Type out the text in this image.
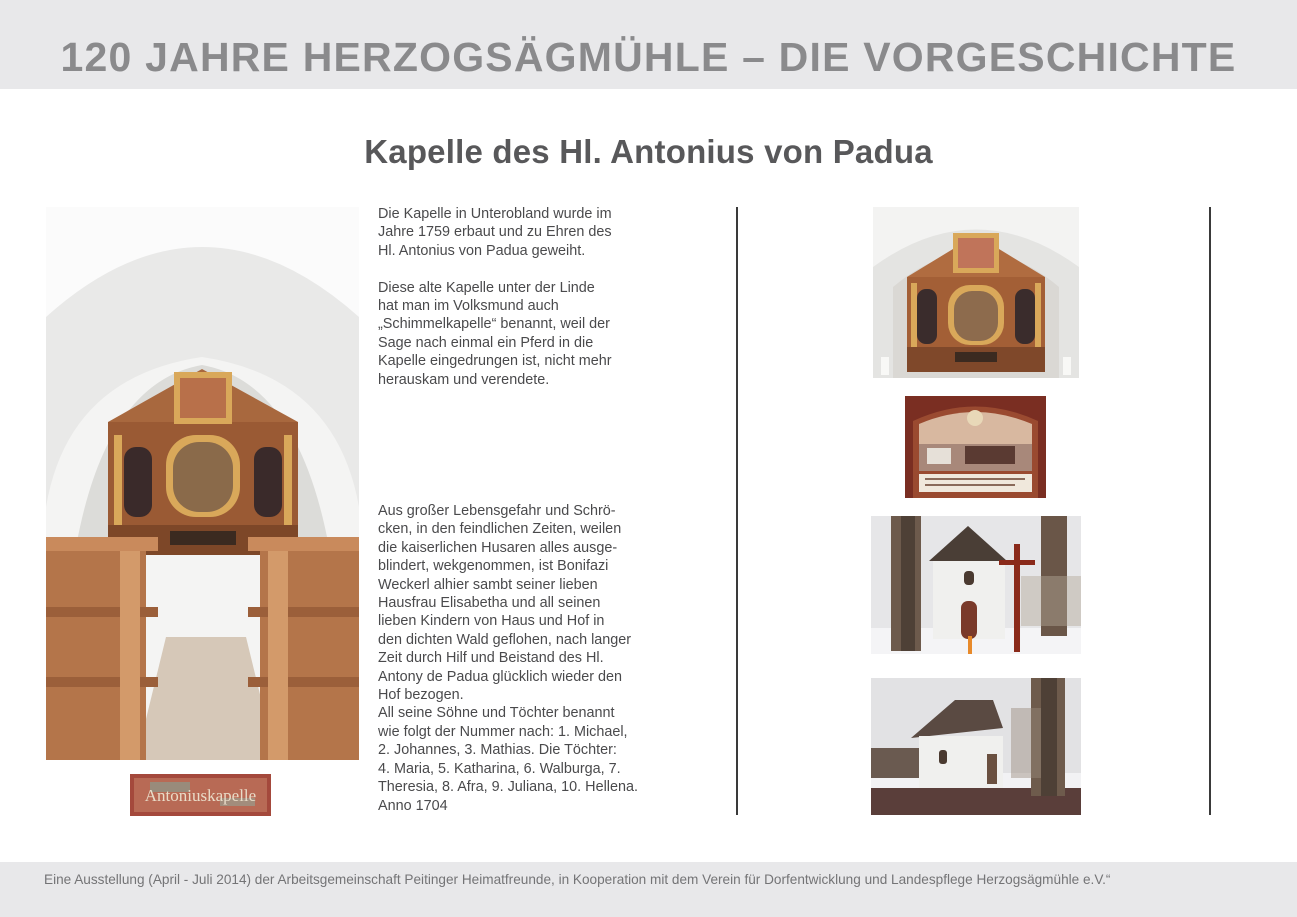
120 JAHRE HERZOGSÄGMÜHLE – DIE VORGESCHICHTE
Kapelle des Hl. Antonius von Padua
Antoniuskapelle
Die Kapelle in Unterobland wurde im
Jahre 1759 erbaut und zu Ehren des
Hl. Antonius von Padua geweiht.

Diese alte Kapelle unter der Linde
hat man im Volksmund auch
„Schimmelkapelle“ benannt, weil der
Sage nach einmal ein Pferd in die
Kapelle eingedrungen ist, nicht mehr
herauskam und verendete.
Aus großer Lebensgefahr und Schrö-
cken, in den feindlichen Zeiten, weilen
die kaiserlichen Husaren alles ausge-
blindert, wekgenommen, ist Bonifazi
Weckerl alhier sambt seiner lieben
Hausfrau Elisabetha und all seinen
lieben Kindern von Haus und Hof in
den dichten Wald geflohen, nach langer
Zeit durch Hilf und Beistand des Hl.
Antony de Padua glücklich wieder den
Hof bezogen.
All seine Söhne und Töchter benannt
wie folgt der Nummer nach: 1. Michael,
2. Johannes, 3. Mathias. Die Töchter:
4. Maria, 5. Katharina, 6. Walburga, 7.
Theresia, 8. Afra, 9. Juliana, 10. Hellena.
Anno 1704
Eine Ausstellung (April - Juli 2014) der Arbeitsgemeinschaft Peitinger Heimatfreunde, in Kooperation mit dem Verein für Dorfentwicklung und Landespflege Herzogsägmühle e.V.“
